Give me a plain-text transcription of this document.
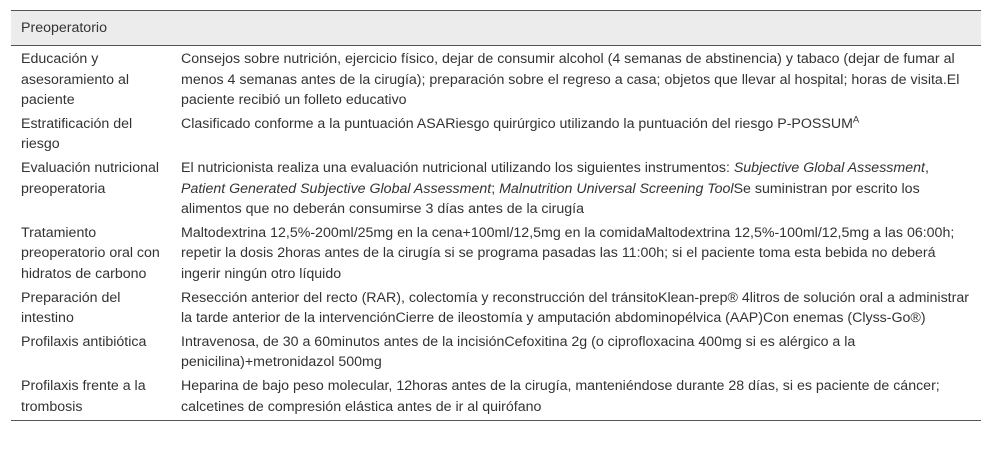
Preoperatorio	
Educación y asesoramiento al paciente	Consejos sobre nutrición, ejercicio físico, dejar de consumir alcohol (4 semanas de abstinencia) y tabaco (dejar de fumar al menos 4 semanas antes de la cirugía); preparación sobre el regreso a casa; objetos que llevar al hospital; horas de visita.El paciente recibió un folleto educativo
Estratificación del riesgo	Clasificado conforme a la puntuación ASARiesgo quirúrgico utilizando la puntuación del riesgo $P-POSSUM^A$
Evaluación nutricional preoperatoria	El nutricionista realiza una evaluación nutricional utilizando los siguientes instrumentos: Subjective Global Assessment, Patient Generated Subjective Global Assessment; Malnutrition Universal Screening ToolSe suministran por escrito los alimentos que no deberán consumirse 3 días antes de la cirugía
Tratamiento preoperatorio oral con hidratos de carbono	Maltodextrina 12,5%-200ml/25mg en la cena+100ml/12,5mg en la comidaMaltodextrina 12,5%-100ml/12,5mg a las 06:00h; repetir la dosis 2horas antes de la cirugía si se programa pasadas las 11:00h; si el paciente toma esta bebida no deberá ingerir ningún otro líquido
Preparación del intestino	Resección anterior del recto (RAR), colectomía y reconstrucción del tránsitoKlean-prep® 4litros de solución oral a administrar la tarde anterior de la intervenciónCierre de ileostomía y amputación abdominopélvica (AAP)Con enemas (Clyss-Go®)
Profilaxis antibiótica	Intravenosa, de 30 a 60minutos antes de la incisiónCefoxitina 2g (o ciprofloxacina 400mg si es alérgico a la penicilina)+metronidazol 500mg
Profilaxis frente a la trombosis	Heparina de bajo peso molecular, 12horas antes de la cirugía, manteniéndose durante 28 días, si es paciente de cáncer; calcetines de compresión elástica antes de ir al quirófano
